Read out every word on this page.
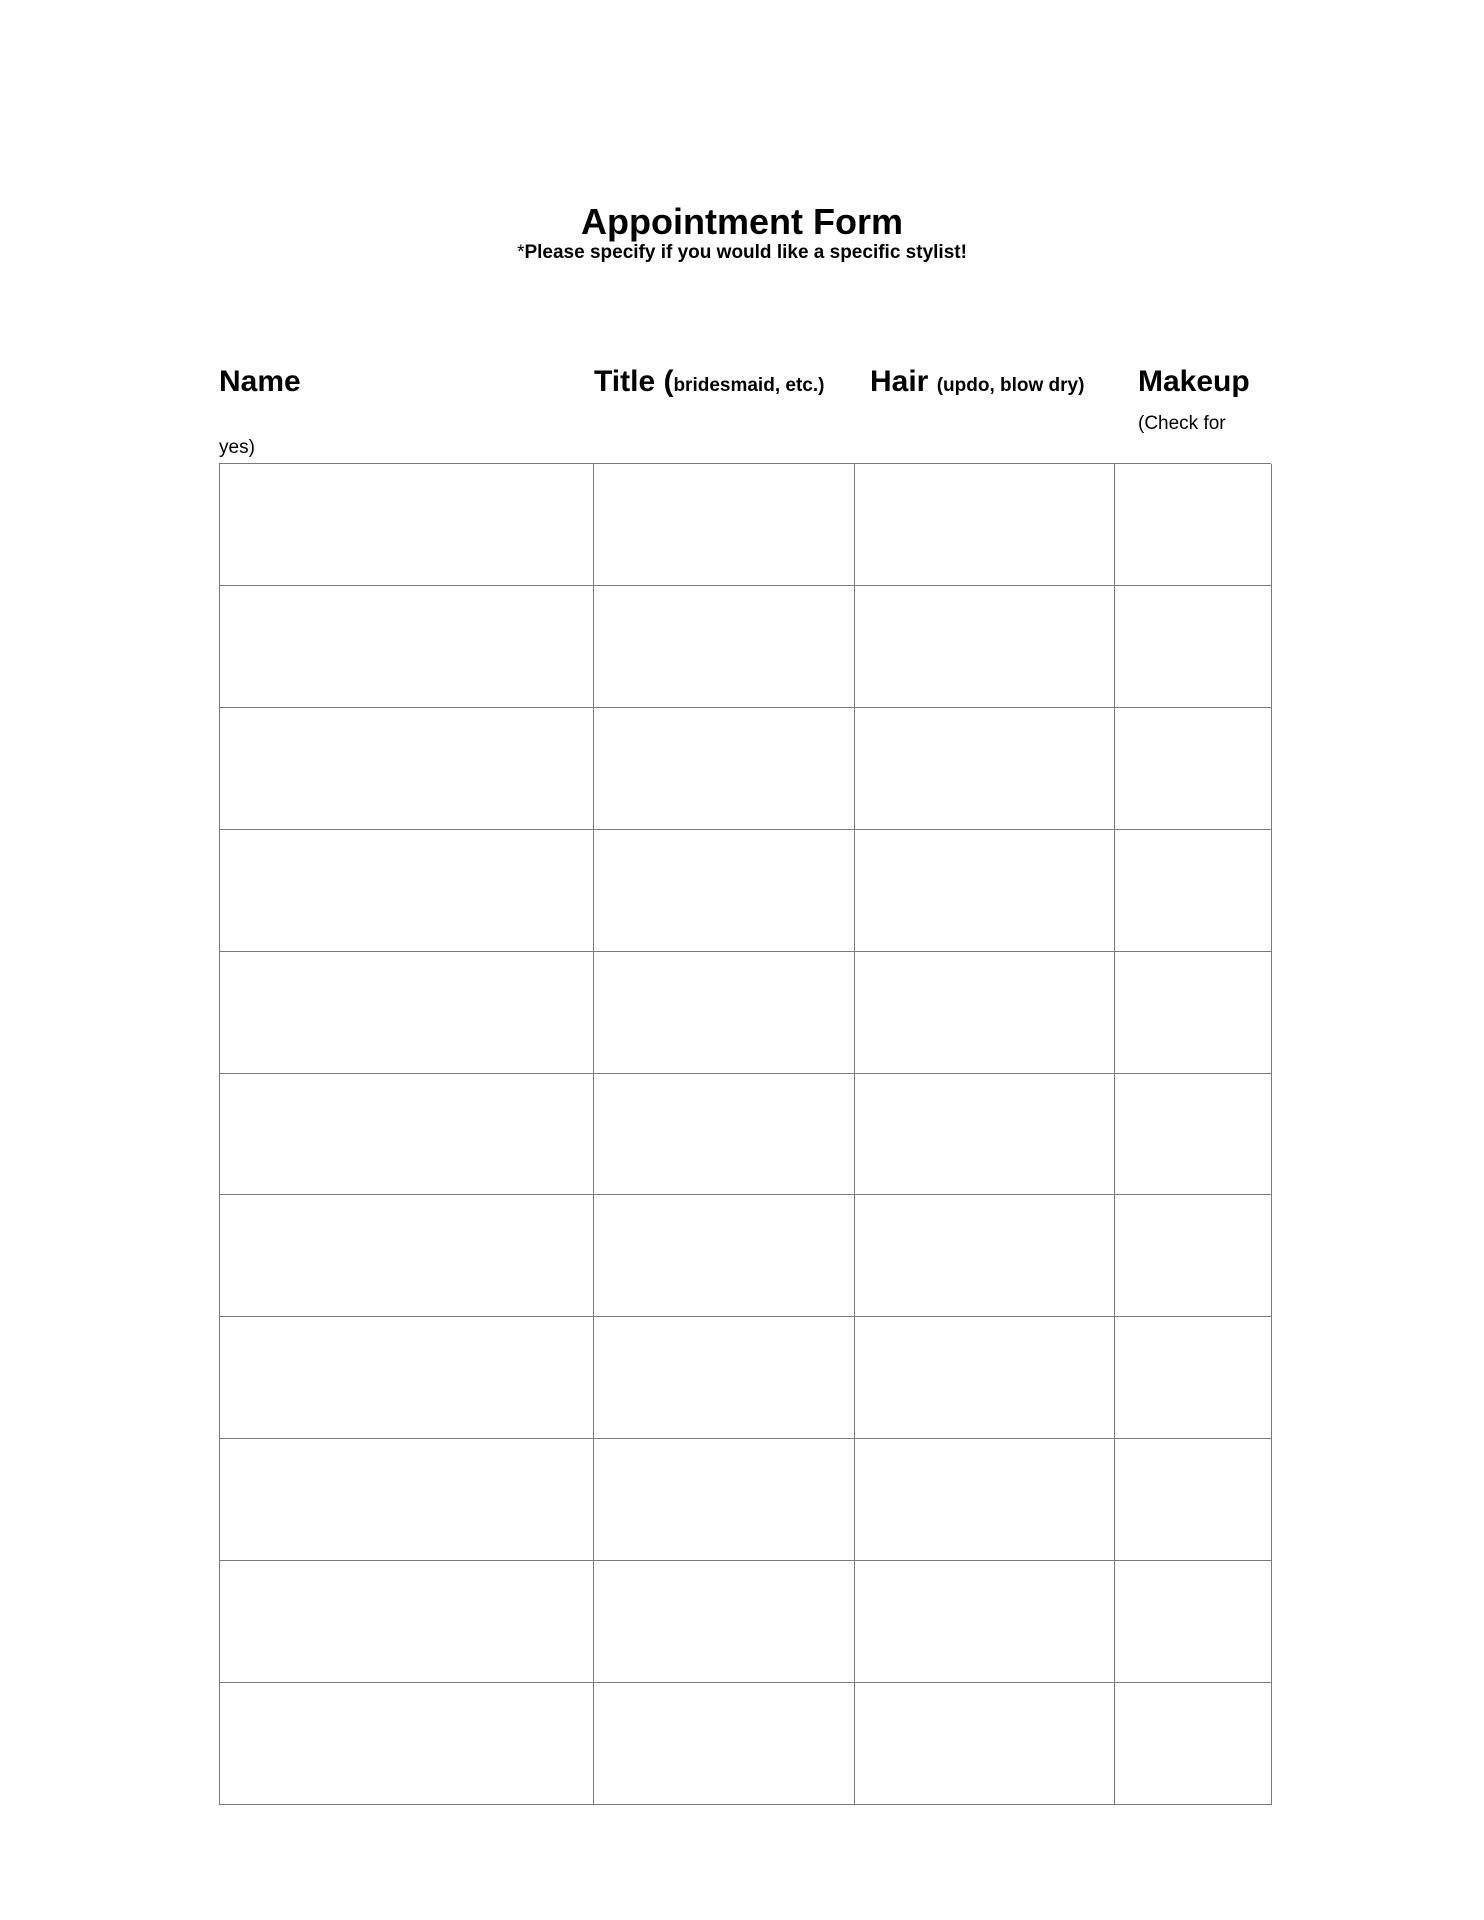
Appointment Form
*Please specify if you would like a specific stylist!
Name	Title (bridesmaid, etc.) Hair (updo, blow dry) Makeup
(Check for
yes)
